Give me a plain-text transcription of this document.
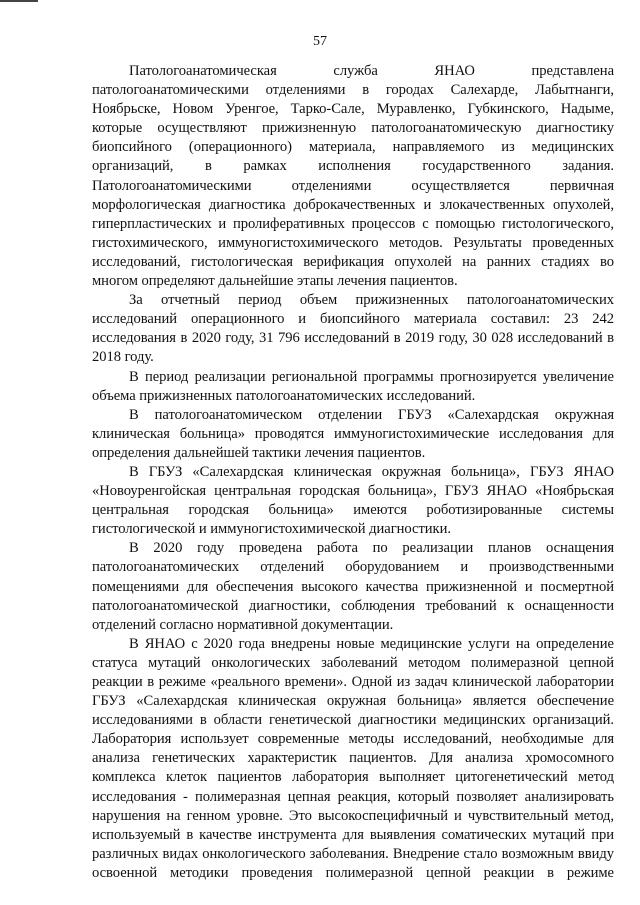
57

Патологоанатомическая служба ЯНАО представлена патологоанатомическими отделениями в городах Салехарде, Лабытнанги, Ноябрьске, Новом Уренгое, Тарко-Сале, Муравленко, Губкинского, Надыме, которые осуществляют прижизненную патологоанатомическую диагностику биопсийного (операционного) материала, направляемого из медицинских организаций, в рамках исполнения государственного задания. Патологоанатомическими отделениями осуществляется первичная морфологическая диагностика доброкачественных и злокачественных опухолей, гиперпластических и пролиферативных процессов с помощью гистологического, гистохимического, иммуногистохимического методов. Результаты проведенных исследований, гистологическая верификация опухолей на ранних стадиях во многом определяют дальнейшие этапы лечения пациентов.

За отчетный период объем прижизненных патологоанатомических исследований операционного и биопсийного материала составил: 23 242 исследования в 2020 году, 31 796 исследований в 2019 году, 30 028 исследований в 2018 году.

В период реализации региональной программы прогнозируется увеличение объема прижизненных патологоанатомических исследований.

В патологоанатомическом отделении ГБУЗ «Салехардская окружная клиническая больница» проводятся иммуногистохимические исследования для определения дальнейшей тактики лечения пациентов.

В ГБУЗ «Салехардская клиническая окружная больница», ГБУЗ ЯНАО «Новоуренгойская центральная городская больница», ГБУЗ ЯНАО «Ноябрьская центральная городская больница» имеются роботизированные системы гистологической и иммуногистохимической диагностики.

В 2020 году проведена работа по реализации планов оснащения патологоанатомических отделений оборудованием и производственными помещениями для обеспечения высокого качества прижизненной и посмертной патологоанатомической диагностики, соблюдения требований к оснащенности отделений согласно нормативной документации.

В ЯНАО с 2020 года внедрены новые медицинские услуги на определение статуса мутаций онкологических заболеваний методом полимеразной цепной реакции в режиме «реального времени». Одной из задач клинической лаборатории ГБУЗ «Салехардская клиническая окружная больница» является обеспечение исследованиями в области генетической диагностики медицинских организаций. Лаборатория использует современные методы исследований, необходимые для анализа генетических характеристик пациентов. Для анализа хромосомного комплекса клеток пациентов лаборатория выполняет цитогенетический метод исследования - полимеразная цепная реакция, который позволяет анализировать нарушения на генном уровне. Это высокоспецифичный и чувствительный метод, используемый в качестве инструмента для выявления соматических мутаций при различных видах онкологического заболевания. Внедрение стало возможным ввиду освоенной методики проведения полимеразной цепной реакции в режиме
